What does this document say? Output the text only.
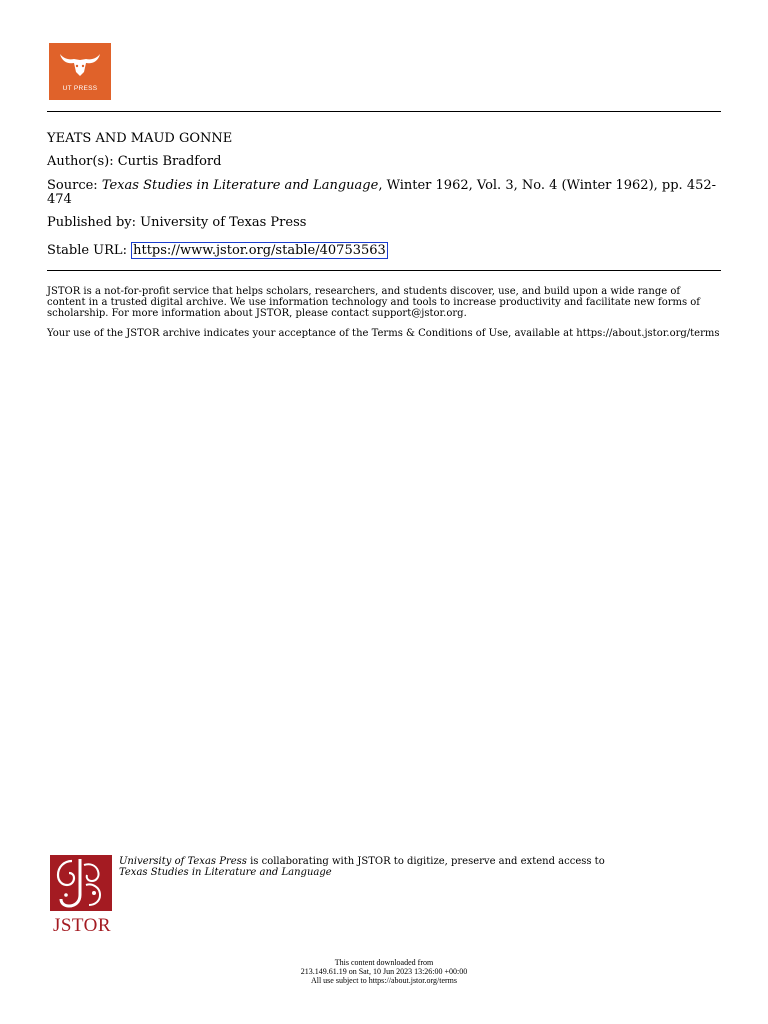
UT PRESS
YEATS AND MAUD GONNE
Author(s): Curtis Bradford
Source: Texas Studies in Literature and Language, Winter 1962, Vol. 3, No. 4 (Winter 1962), pp. 452-474
Published by: University of Texas Press
Stable URL: https://www.jstor.org/stable/40753563
JSTOR is a not-for-profit service that helps scholars, researchers, and students discover, use, and build upon a wide range of content in a trusted digital archive. We use information technology and tools to increase productivity and facilitate new forms of scholarship. For more information about JSTOR, please contact support@jstor.org.
Your use of the JSTOR archive indicates your acceptance of the Terms & Conditions of Use, available at https://about.jstor.org/terms
JSTOR
University of Texas Press is collaborating with JSTOR to digitize, preserve and extend access to
Texas Studies in Literature and Language
This content downloaded from
213.149.61.19 on Sat, 10 Jun 2023 13:26:00 +00:00
All use subject to https://about.jstor.org/terms
